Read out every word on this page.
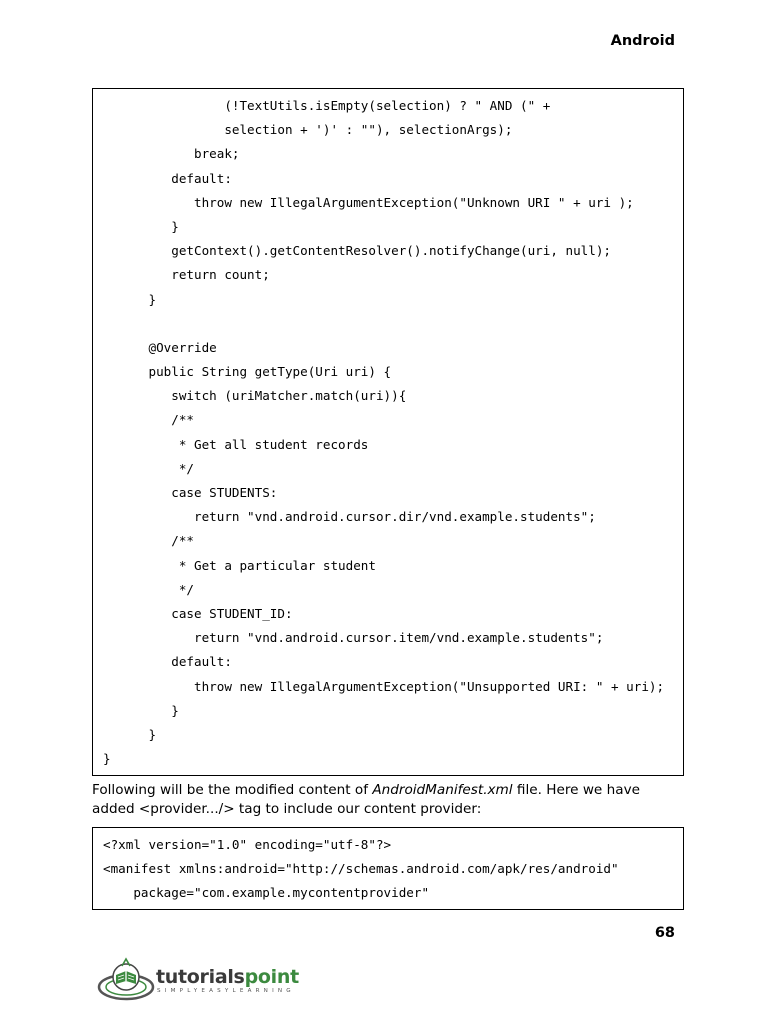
Android
(!TextUtils.isEmpty(selection) ? " AND (" +
selection + ')' : ""), selectionArgs);
break;
default:
throw new IllegalArgumentException("Unknown URI " + uri );
}
getContext().getContentResolver().notifyChange(uri, null);
return count;
}
@Override
public String getType(Uri uri) {
switch (uriMatcher.match(uri)){
/**
* Get all student records
*/
case STUDENTS:
return "vnd.android.cursor.dir/vnd.example.students";
/**
* Get a particular student
*/
case STUDENT_ID:
return "vnd.android.cursor.item/vnd.example.students";
default:
throw new IllegalArgumentException("Unsupported URI: " + uri);
}
}
}
Following will be the modified content of AndroidManifest.xml file. Here we have added <provider.../> tag to include our content provider:
<?xml version="1.0" encoding="utf-8"?>
<manifest xmlns:android="http://schemas.android.com/apk/res/android"
package="com.example.mycontentprovider"
68
tutorialspoint
SIMPLYEASYLEARNING
